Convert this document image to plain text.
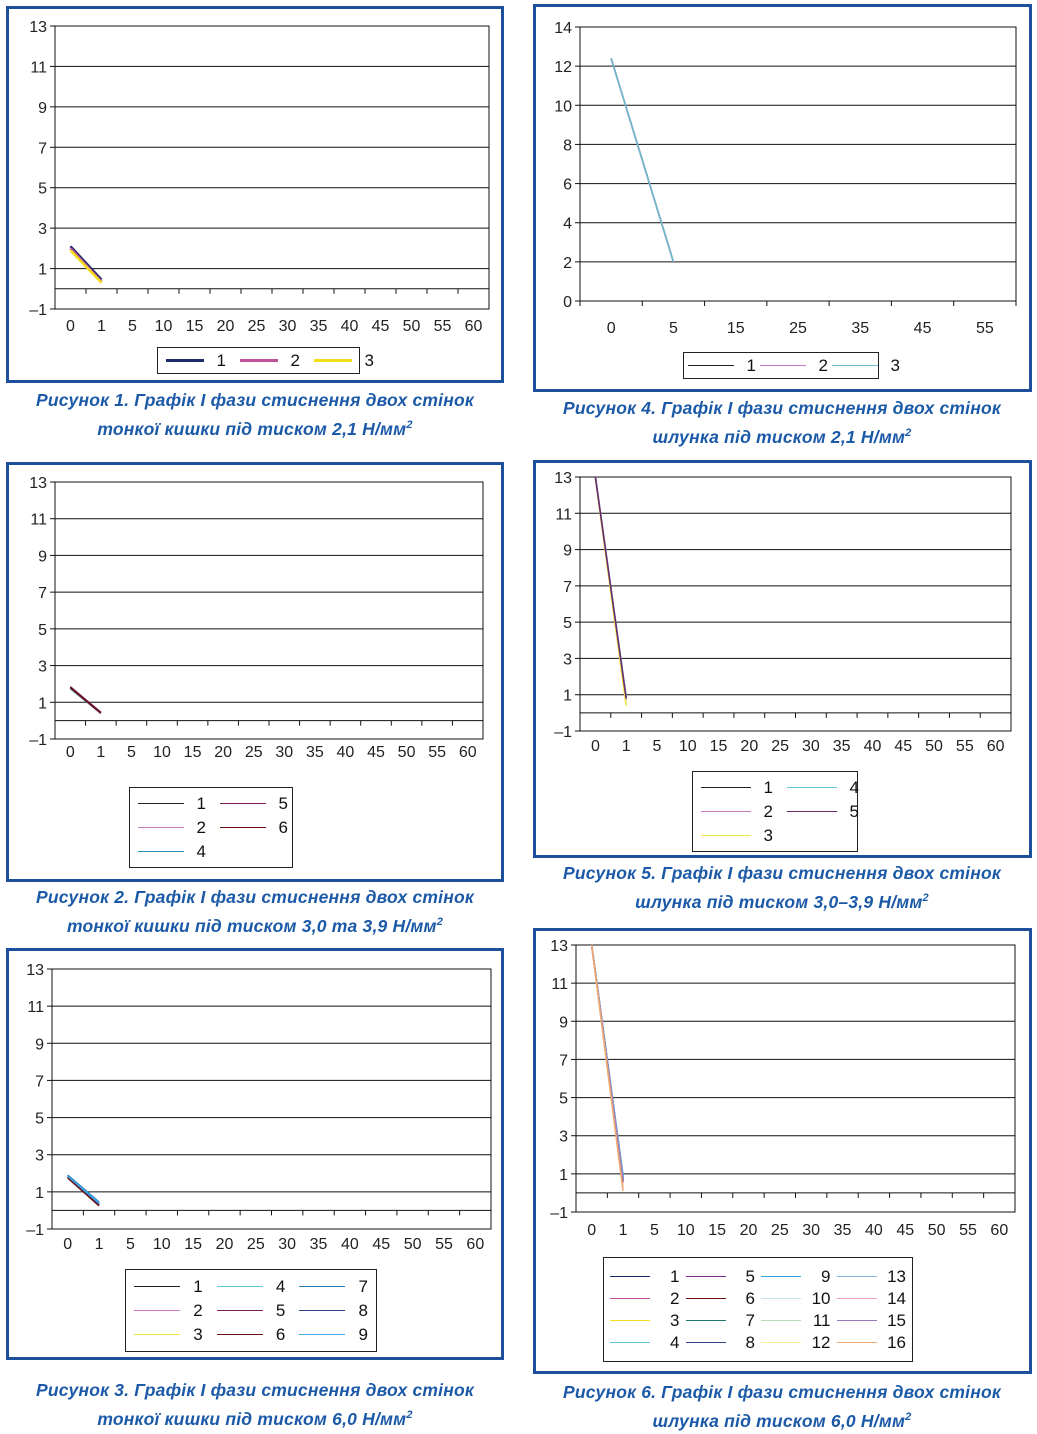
13
11
9
7
5
3
1
–1
0 1 5 10 15 20 25 30 35 40 45 50 55 60
1	2	3
Рисунок 1. Графік І фази стиснення двох стінок
тонкої кишки під тиском 2,1 $Н/мм^2$
13
11
9
7
5
3
1
–1
0 1 5 10 15 20 25 30 35 40 45 50 55 60
1	5
2	6
4
Рисунок 2. Графік І фази стиснення двох стінок
тонкої кишки під тиском 3,0 та 3,9 $Н/мм^2$
13
11
9
7
5
3
1
–1
0 1 5 10 15 20 25 30 35 40 45 50 55 60
1	4	7
2	5	8
3	6	9
Рисунок 3. Графік І фази стиснення двох стінок
тонкої кишки під тиском 6,0 $Н/мм^2$
14
12
10
8
6
4
2
0
0	5	15	25	35	45	55
1	2	3
Рисунок 4. Графік І фази стиснення двох стінок
шлунка під тиском 2,1 $Н/мм^2$
13
11
9
7
5
3
1
–1
0 1 5 10 15 20 25 30 35 40 45 50 55 60
1	4
2	5
3
Рисунок 5. Графік І фази стиснення двох стінок
шлунка під тиском 3,0–3,9 $Н/мм^2$
13
11
9
7
5
3
1
–1
0 1 5 10 15 20 25 30 35 40 45 50 55 60
1	5	9	13
2	6	10	14
3	7	11	15
4	8	12	16
Рисунок 6. Графік І фази стиснення двох стінок
шлунка під тиском 6,0 $Н/мм^2$
